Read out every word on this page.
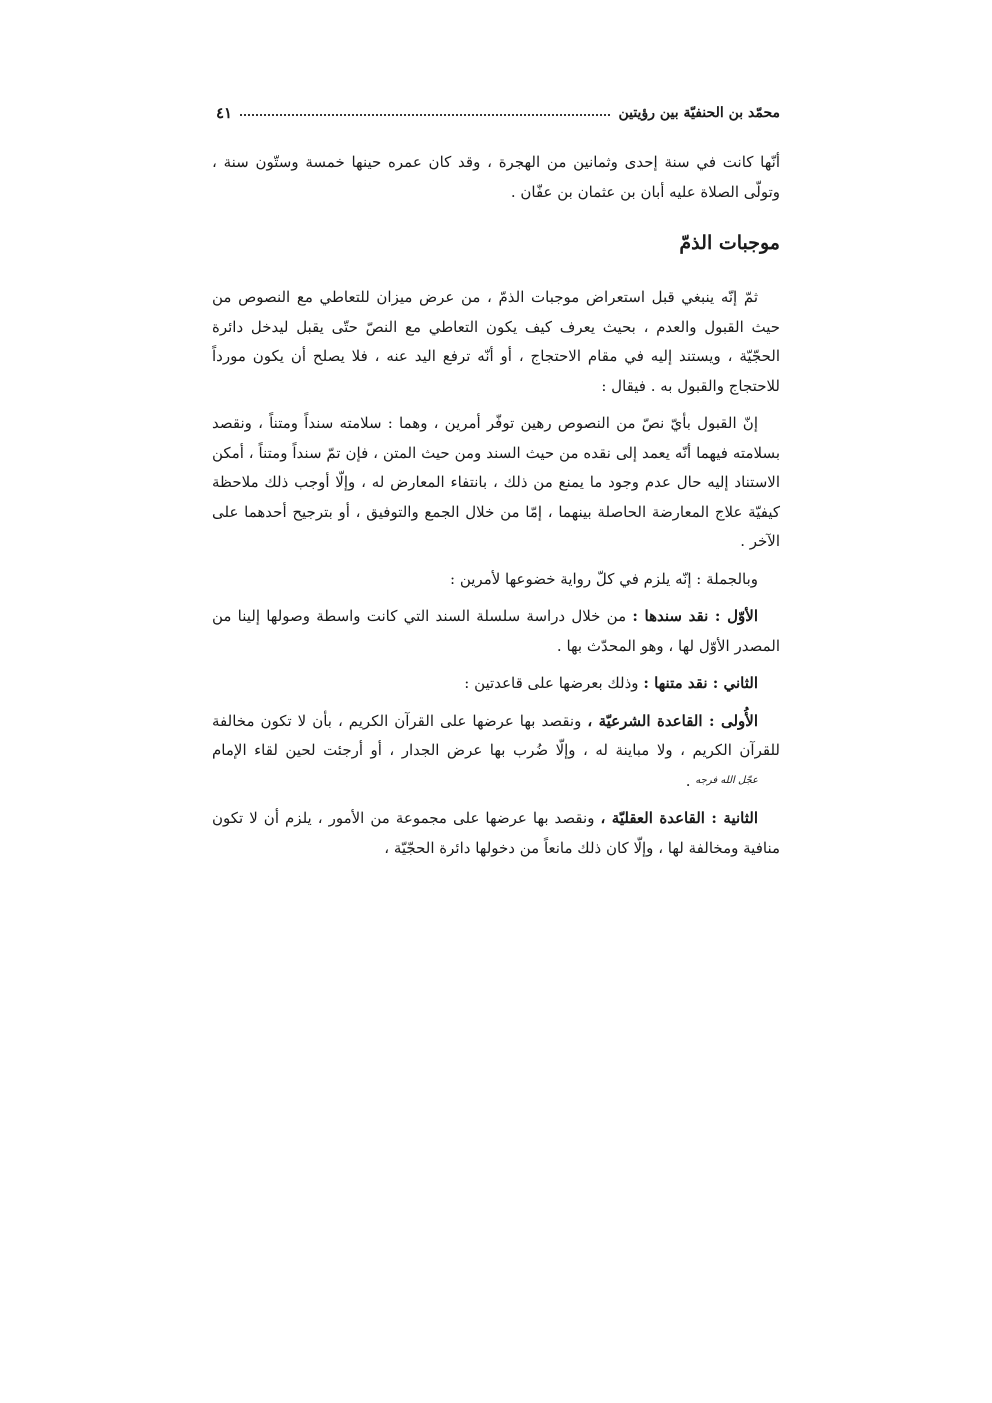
محمّد بن الحنفيّة بين رؤيتين
٤١

أنّها كانت في سنة إحدى وثمانين من الهجرة ، وقد كان عمره حينها خمسة وستّون سنة ، وتولّى الصلاة عليه أبان بن عثمان بن عفّان .

موجبات الذمّ

ثمّ إنّه ينبغي قبل استعراض موجبات الذمّ ، من عرض ميزان للتعاطي مع النصوص من حيث القبول والعدم ، بحيث يعرف كيف يكون التعاطي مع النصّ حتّى يقبل ليدخل دائرة الحجّيّة ، ويستند إليه في مقام الاحتجاج ، أو أنّه ترفع اليد عنه ، فلا يصلح أن يكون مورداً للاحتجاج والقبول به . فيقال :

إنّ القبول بأيّ نصّ من النصوص رهين توفّر أمرين ، وهما : سلامته سنداً ومتناً ، ونقصد بسلامته فيهما أنّه يعمد إلى نقده من حيث السند ومن حيث المتن ، فإن تمّ سنداً ومتناً ، أمكن الاستناد إليه حال عدم وجود ما يمنع من ذلك ، بانتفاء المعارض له ، وإلّا أوجب ذلك ملاحظة كيفيّة علاج المعارضة الحاصلة بينهما ، إمّا من خلال الجمع والتوفيق ، أو بترجيح أحدهما على الآخر .

وبالجملة : إنّه يلزم في كلّ رواية خضوعها لأمرين :

الأوّل : نقد سندها : من خلال دراسة سلسلة السند التي كانت واسطة وصولها إلينا من المصدر الأوّل لها ، وهو المحدّث بها .

الثاني : نقد متنها : وذلك بعرضها على قاعدتين :

الأُولى : القاعدة الشرعيّة ، ونقصد بها عرضها على القرآن الكريم ، بأن لا تكون مخالفة للقرآن الكريم ، ولا مباينة له ، وإلّا ضُرب بها عرض الجدار ، أو أرجئت لحين لقاء الإمامعجّل الله فرجه .

الثانية : القاعدة العقليّة ، ونقصد بها عرضها على مجموعة من الأمور ، يلزم أن لا تكون منافية ومخالفة لها ، وإلّا كان ذلك مانعاً من دخولها دائرة الحجّيّة ،
